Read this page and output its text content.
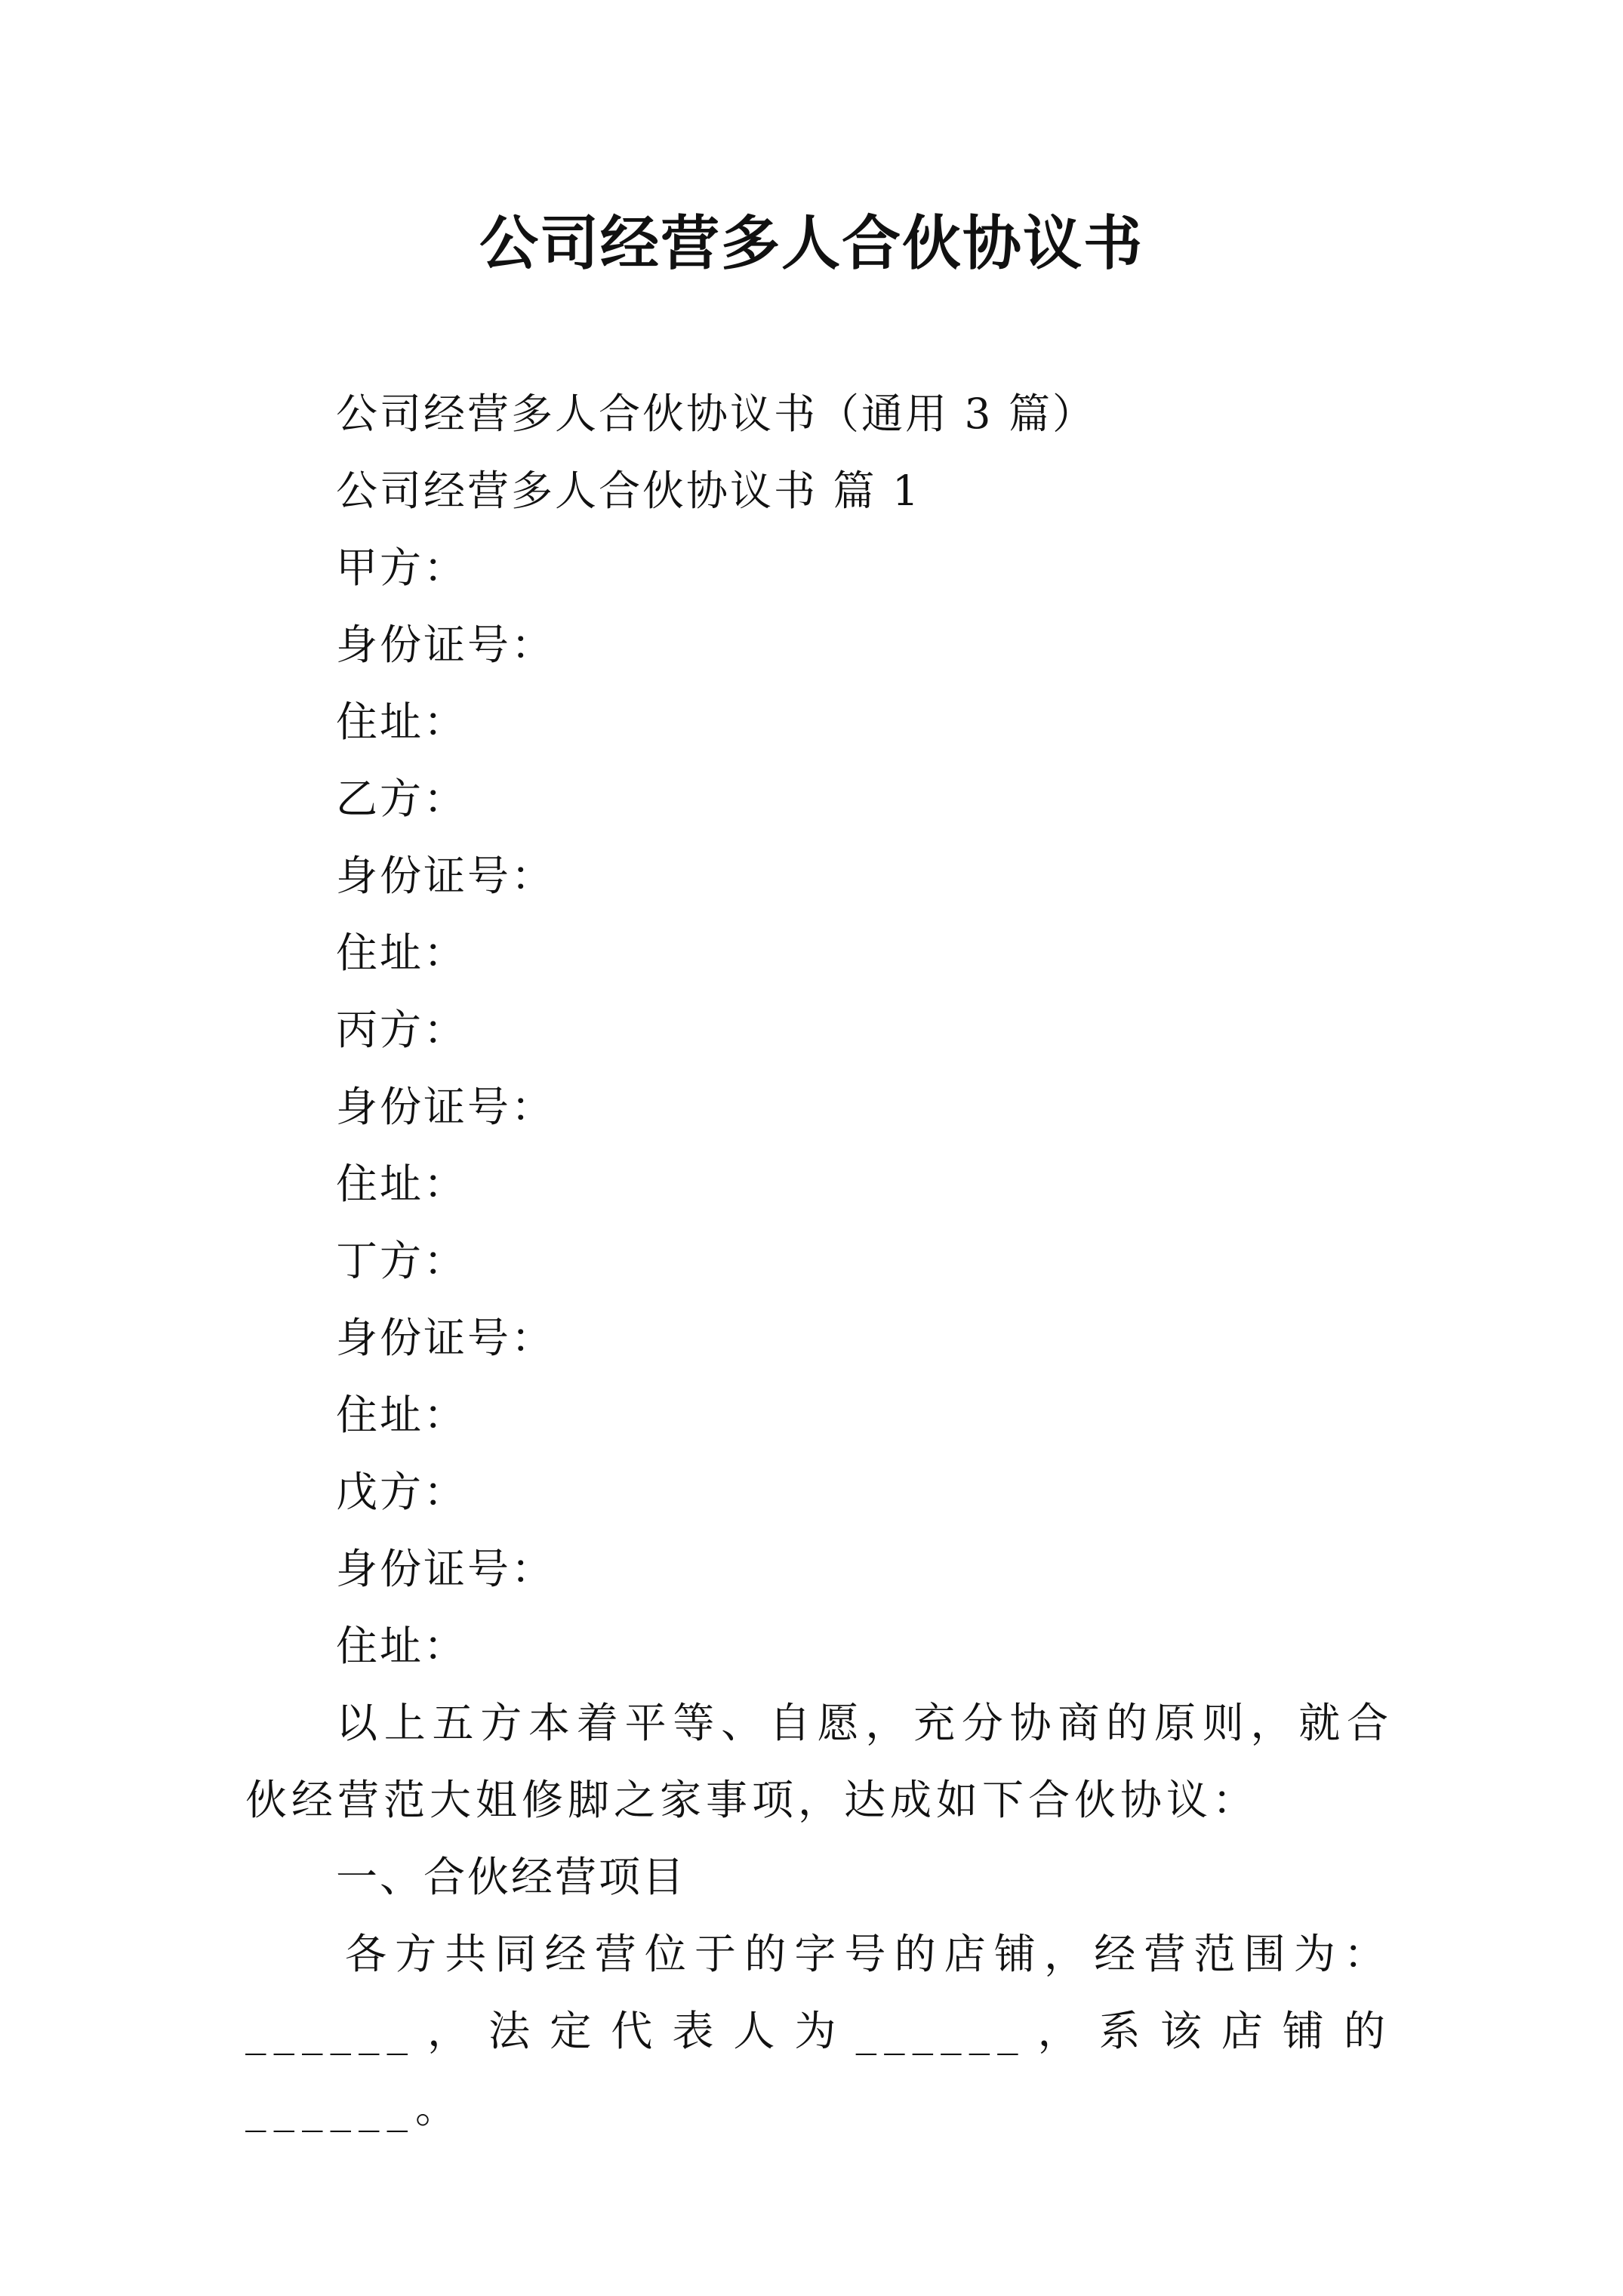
公司经营多人合伙协议书
公司经营多人合伙协议书（通用 3 篇）
公司经营多人合伙协议书 篇 1
甲方：
身份证号：
住址：
乙方：
身份证号：
住址：
丙方：
身份证号：
住址：
丁方：
身份证号：
住址：
戊方：
身份证号：
住址：
以上五方本着平等、自愿，充分协商的原则，就合伙经营范大姐修脚之家事项，达成如下合伙协议：
一、合伙经营项目
各方共同经营位于的字号的店铺，经营范围为：______，法定代表人为______，系该店铺的______。
